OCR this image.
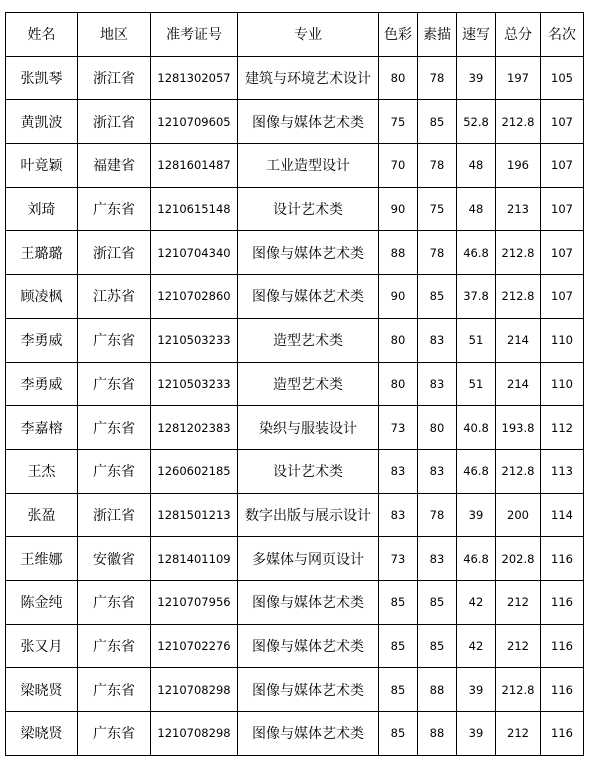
姓名	地区	准考证号	专业	色彩	素描	速写	总分	名次
张凯琴	浙江省	1281302057	建筑与环境艺术设计	80	78	39	197	105
黄凯波	浙江省	1210709605	图像与媒体艺术类	75	85	52.8	212.8	107
叶竟颖	福建省	1281601487	工业造型设计	70	78	48	196	107
刘琦	广东省	1210615148	设计艺术类	90	75	48	213	107
王璐璐	浙江省	1210704340	图像与媒体艺术类	88	78	46.8	212.8	107
顾凌枫	江苏省	1210702860	图像与媒体艺术类	90	85	37.8	212.8	107
李勇威	广东省	1210503233	造型艺术类	80	83	51	214	110
李勇威	广东省	1210503233	造型艺术类	80	83	51	214	110
李嘉榕	广东省	1281202383	染织与服装设计	73	80	40.8	193.8	112
王杰	广东省	1260602185	设计艺术类	83	83	46.8	212.8	113
张盈	浙江省	1281501213	数字出版与展示设计	83	78	39	200	114
王维娜	安徽省	1281401109	多媒体与网页设计	73	83	46.8	202.8	116
陈金纯	广东省	1210707956	图像与媒体艺术类	85	85	42	212	116
张又月	广东省	1210702276	图像与媒体艺术类	85	85	42	212	116
梁晓贤	广东省	1210708298	图像与媒体艺术类	85	88	39	212.8	116
梁晓贤	广东省	1210708298	图像与媒体艺术类	85	88	39	212	116
